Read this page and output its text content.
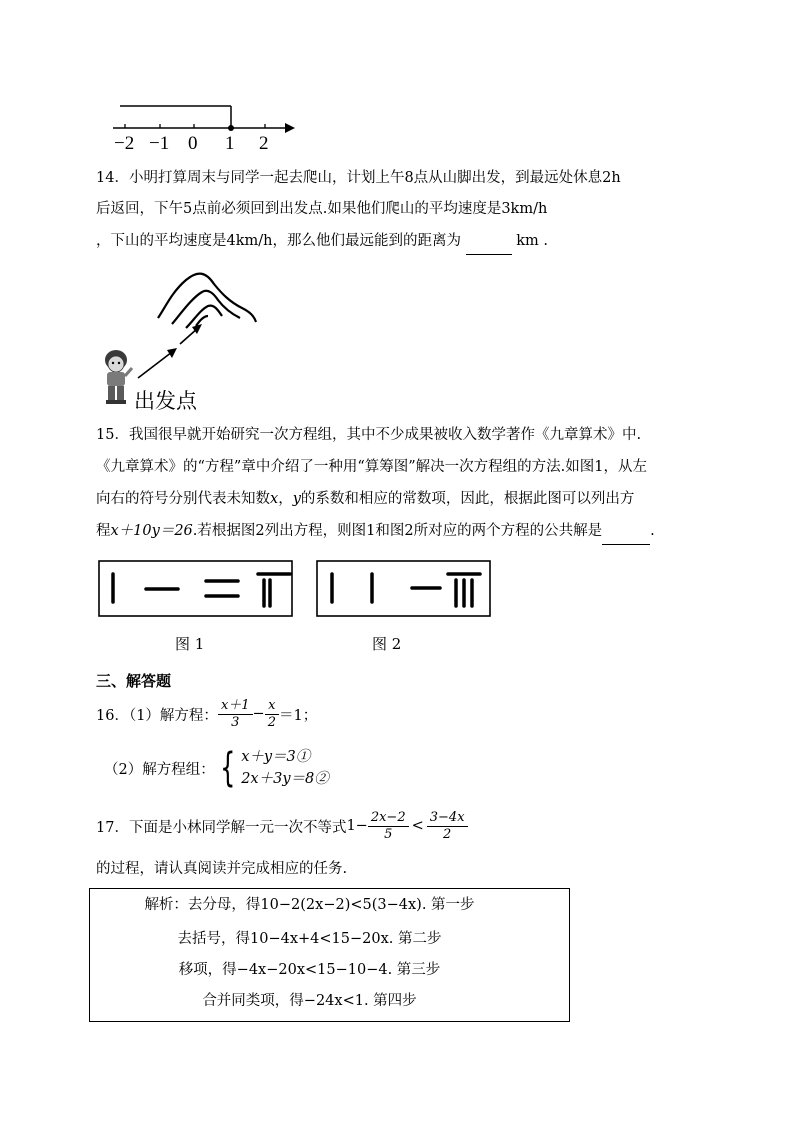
−2 −1 0 1 2
14．小明打算周末与同学一起去爬山，计划上午8点从山脚出发，到最远处休息2h
后返回，下午5点前必须回到出发点.如果他们爬山的平均速度是3km/h
，下山的平均速度是4km/h，那么他们最远能到的距离为	km .
出发点
15．我国很早就开始研究一次方程组，其中不少成果被收入数学著作《九章算术》中.
《九章算术》的“方程”章中介绍了一种用“算筹图”解决一次方程组的方法.如图1，从左
向右的符号分别代表未知数x，y的系数和相应的常数项，因此，根据此图可以列出方
程x＋10y＝26.若根据图2列出方程，则图1和图2所对应的两个方程的公共解是	.
图 1	图 2
三、解答题
16．（1）解方程： $\frac{x+1}{3} - \frac{x}{2} =1$；
（2）解方程组： { x＋y＝3①
2x＋3y＝8②
17．下面是小林同学解一元一次不等式 $1- \frac{2x-2}{5} < \frac{3-4x}{2}$
的过程，请认真阅读并完成相应的任务.
解析：去分母，得10−2(2x−2)<5(3−4x). 第一步
去括号，得10−4x+4<15−20x. 第二步
移项，得−4x−20x<15−10−4. 第三步
合并同类项，得−24x<1. 第四步
